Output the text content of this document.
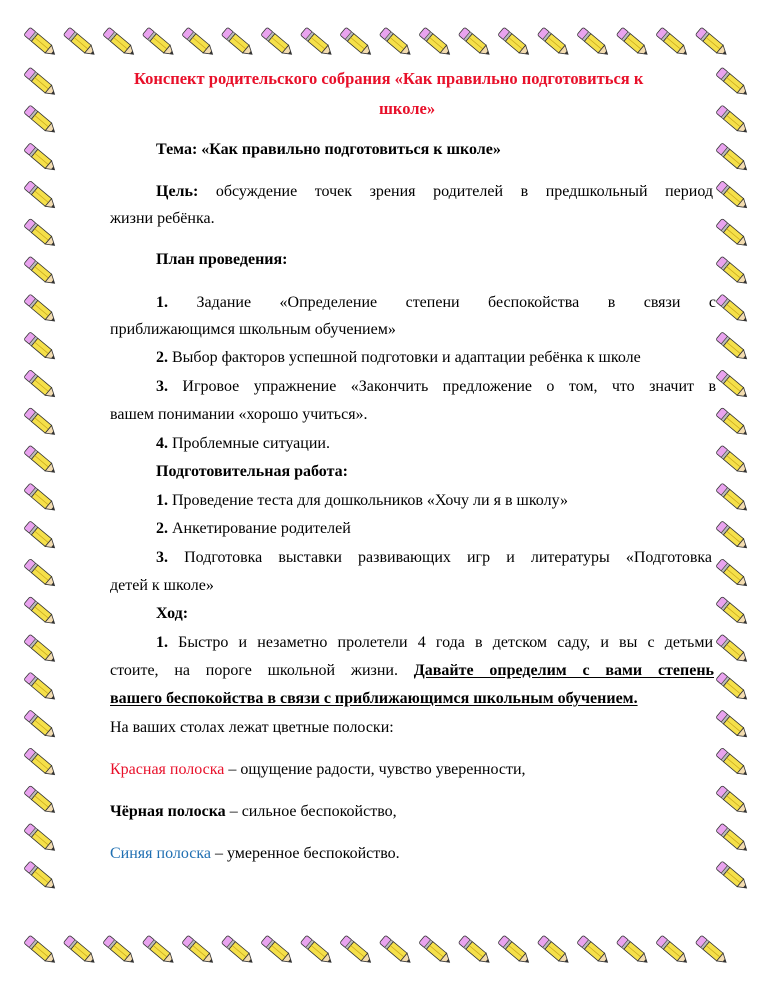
Конспект родительского собрания «Как правильно подготовиться к
школе»
Тема: «Как правильно подготовиться к школе»
Цель: обсуждение точек зрения родителей в предшкольный период
жизни ребёнка.
План проведения:
1. Задание «Определение степени беспокойства в связи с
приближающимся школьным обучением»
2. Выбор факторов успешной подготовки и адаптации ребёнка к школе
3. Игровое упражнение «Закончить предложение о том, что значит в
вашем понимании «хорошо учиться».
4. Проблемные ситуации.
Подготовительная работа:
1. Проведение теста для дошкольников «Хочу ли я в школу»
2. Анкетирование родителей
3. Подготовка выставки развивающих игр и литературы «Подготовка
детей к школе»
Ход:
1. Быстро и незаметно пролетели 4 года в детском саду, и вы с детьми
стоите, на пороге школьной жизни. Давайте определим с вами степень
вашего беспокойства в связи с приближающимся школьным обучением.
На ваших столах лежат цветные полоски:
Красная полоска – ощущение радости, чувство уверенности,
Чёрная полоска – сильное беспокойство,
Синяя полоска – умеренное беспокойство.
